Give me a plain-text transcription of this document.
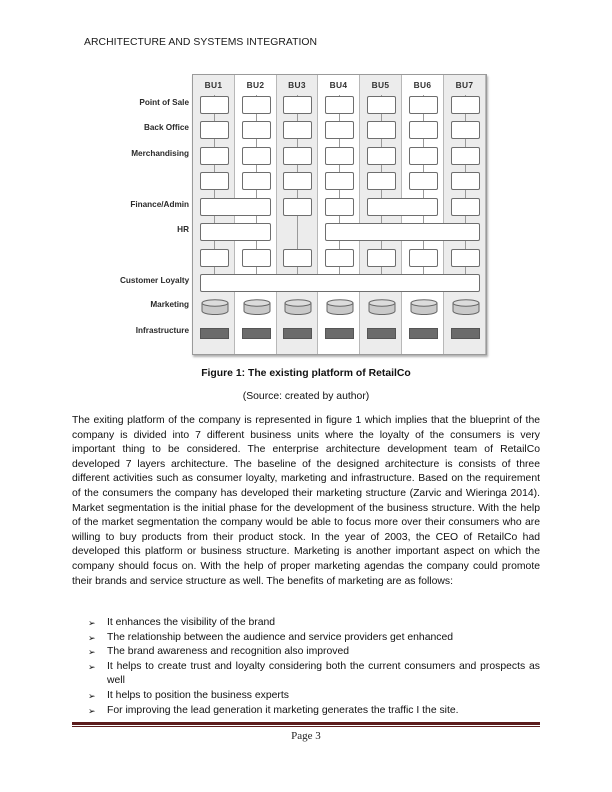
ARCHITECTURE AND SYSTEMS INTEGRATION
Point of Sale
Back Office
Merchandising
Finance/Admin
HR
Customer Loyalty
Marketing
Infrastructure
BU1	BU2	BU3	BU4	BU5	BU6	BU7
Figure 1: The existing platform of RetailCo
(Source: created by author)
The exiting platform of the company is represented in figure 1 which implies that the blueprint of the company is divided into 7 different business units where the loyalty of the consumers is very important thing to be considered. The enterprise architecture development team of RetailCo developed 7 layers architecture. The baseline of the designed architecture is consists of three different activities such as consumer loyalty, marketing and infrastructure. Based on the requirement of the consumers the company has developed their marketing structure (Zarvic and Wieringa 2014). Market segmentation is the initial phase for the development of the business structure. With the help of the market segmentation the company would be able to focus more over their consumers who are willing to buy products from their product stock. In the year of 2003, the CEO of RetailCo had developed this platform or business structure. Marketing is another important aspect on which the company should focus on. With the help of proper marketing agendas the company could promote their brands and service structure as well. The benefits of marketing are as follows:
➢ It enhances the visibility of the brand
➢ The relationship between the audience and service providers get enhanced
➢ The brand awareness and recognition also improved
➢ It helps to create trust and loyalty considering both the current consumers and prospects as well
➢ It helps to position the business experts
➢ For improving the lead generation it marketing generates the traffic I the site.
Page 3
